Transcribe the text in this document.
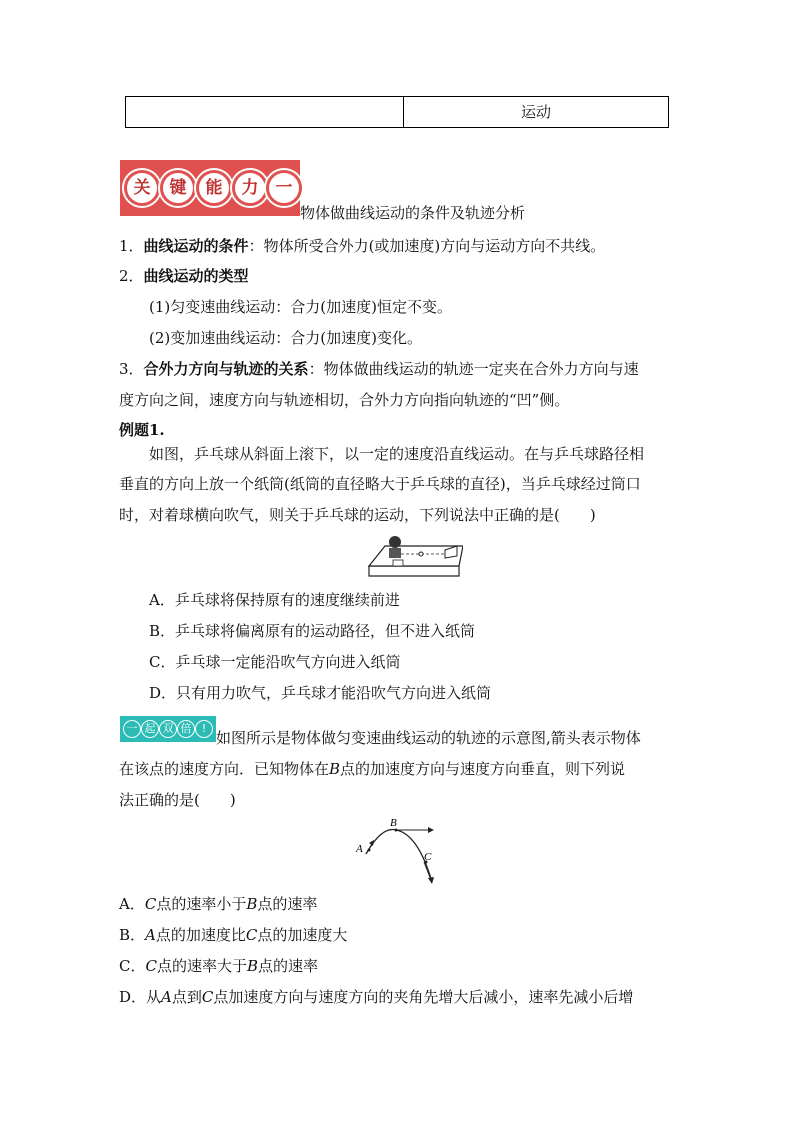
	运动
关	键	能	力	一
物体做曲线运动的条件及轨迹分析
1．曲线运动的条件：物体所受合外力(或加速度)方向与运动方向不共线。
2．曲线运动的类型
(1)匀变速曲线运动：合力(加速度)恒定不变。
(2)变加速曲线运动：合力(加速度)变化。
3．合外力方向与轨迹的关系：物体做曲线运动的轨迹一定夹在合外力方向与速
度方向之间，速度方向与轨迹相切，合外力方向指向轨迹的“凹”侧。
例题1.
如图，乒乓球从斜面上滚下，以一定的速度沿直线运动。在与乒乓球路径相
垂直的方向上放一个纸筒(纸筒的直径略大于乒乓球的直径)，当乒乓球经过筒口
时，对着球横向吹气，则关于乒乓球的运动，下列说法中正确的是(　　)
A．乒乓球将保持原有的速度继续前进
B．乒乓球将偏离原有的运动路径，但不进入纸筒
C．乒乓球一定能沿吹气方向进入纸筒
D．只有用力吹气，乒乓球才能沿吹气方向进入纸筒
一 起 双 倍 !
如图所示是物体做匀变速曲线运动的轨迹的示意图,箭头表示物体
在该点的速度方向．已知物体在B点的加速度方向与速度方向垂直，则下列说
法正确的是(　　)
A
B
C
A．C点的速率小于B点的速率
B．A点的加速度比C点的加速度大
C．C点的速率大于B点的速率
D．从A点到C点加速度方向与速度方向的夹角先增大后减小，速率先减小后增
